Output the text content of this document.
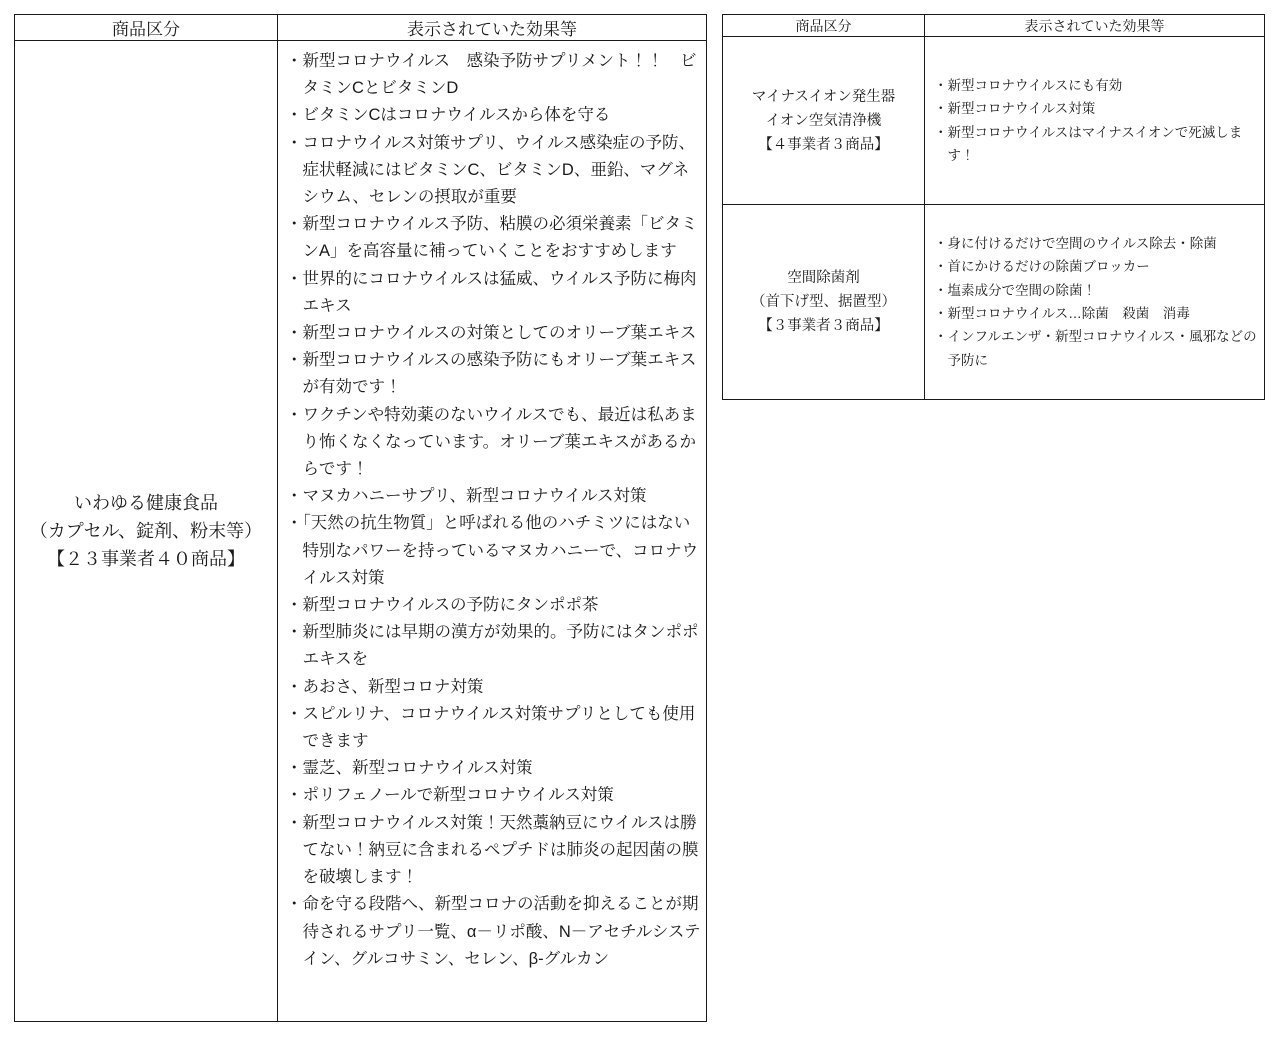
商品区分	表示されていた効果等

いわゆる健康食品
（カプセル、錠剤、粉末等）
【２３事業者４０商品】

・ 新型コロナウイルス　感染予防サプリメント！！　ビタミンCとビタミンD
・ ビタミンCはコロナウイルスから体を守る
・ コロナウイルス対策サプリ、ウイルス感染症の予防、症状軽減にはビタミンC、ビタミンD、亜鉛、マグネシウム、セレンの摂取が重要
・ 新型コロナウイルス予防、粘膜の必須栄養素「ビタミンA」を高容量に補っていくことをおすすめします
・ 世界的にコロナウイルスは猛威、ウイルス予防に梅肉エキス
・ 新型コロナウイルスの対策としてのオリーブ葉エキス
・ 新型コロナウイルスの感染予防にもオリーブ葉エキスが有効です！
・ ワクチンや特効薬のないウイルスでも、最近は私あまり怖くなくなっています。オリーブ葉エキスがあるからです！
・ マヌカハニーサプリ、新型コロナウイルス対策
・ 「天然の抗生物質」と呼ばれる他のハチミツにはない特別なパワーを持っているマヌカハニーで、コロナウイルス対策
・ 新型コロナウイルスの予防にタンポポ茶
・ 新型肺炎には早期の漢方が効果的。予防にはタンポポエキスを
・ あおさ、新型コロナ対策
・ スピルリナ、コロナウイルス対策サプリとしても使用できます
・ 霊芝、新型コロナウイルス対策
・ ポリフェノールで新型コロナウイルス対策
・ 新型コロナウイルス対策！天然藁納豆にウイルスは勝てない！納豆に含まれるペプチドは肺炎の起因菌の膜を破壊します！
・ 命を守る段階へ、新型コロナの活動を抑えることが期待されるサプリ一覧、α－リポ酸、N－アセチルシステイン、グルコサミン、セレン、β-グルカン
商品区分	表示されていた効果等

マイナスイオン発生器
イオン空気清浄機
【４事業者３商品】

・ 新型コロナウイルスにも有効
・ 新型コロナウイルス対策
・ 新型コロナウイルスはマイナスイオンで死滅します！

空間除菌剤
（首下げ型、据置型）
【３事業者３商品】

・ 身に付けるだけで空間のウイルス除去・除菌
・ 首にかけるだけの除菌ブロッカー
・ 塩素成分で空間の除菌！
・ 新型コロナウイルス…除菌　殺菌　消毒
・ インフルエンザ・新型コロナウイルス・風邪などの予防に
